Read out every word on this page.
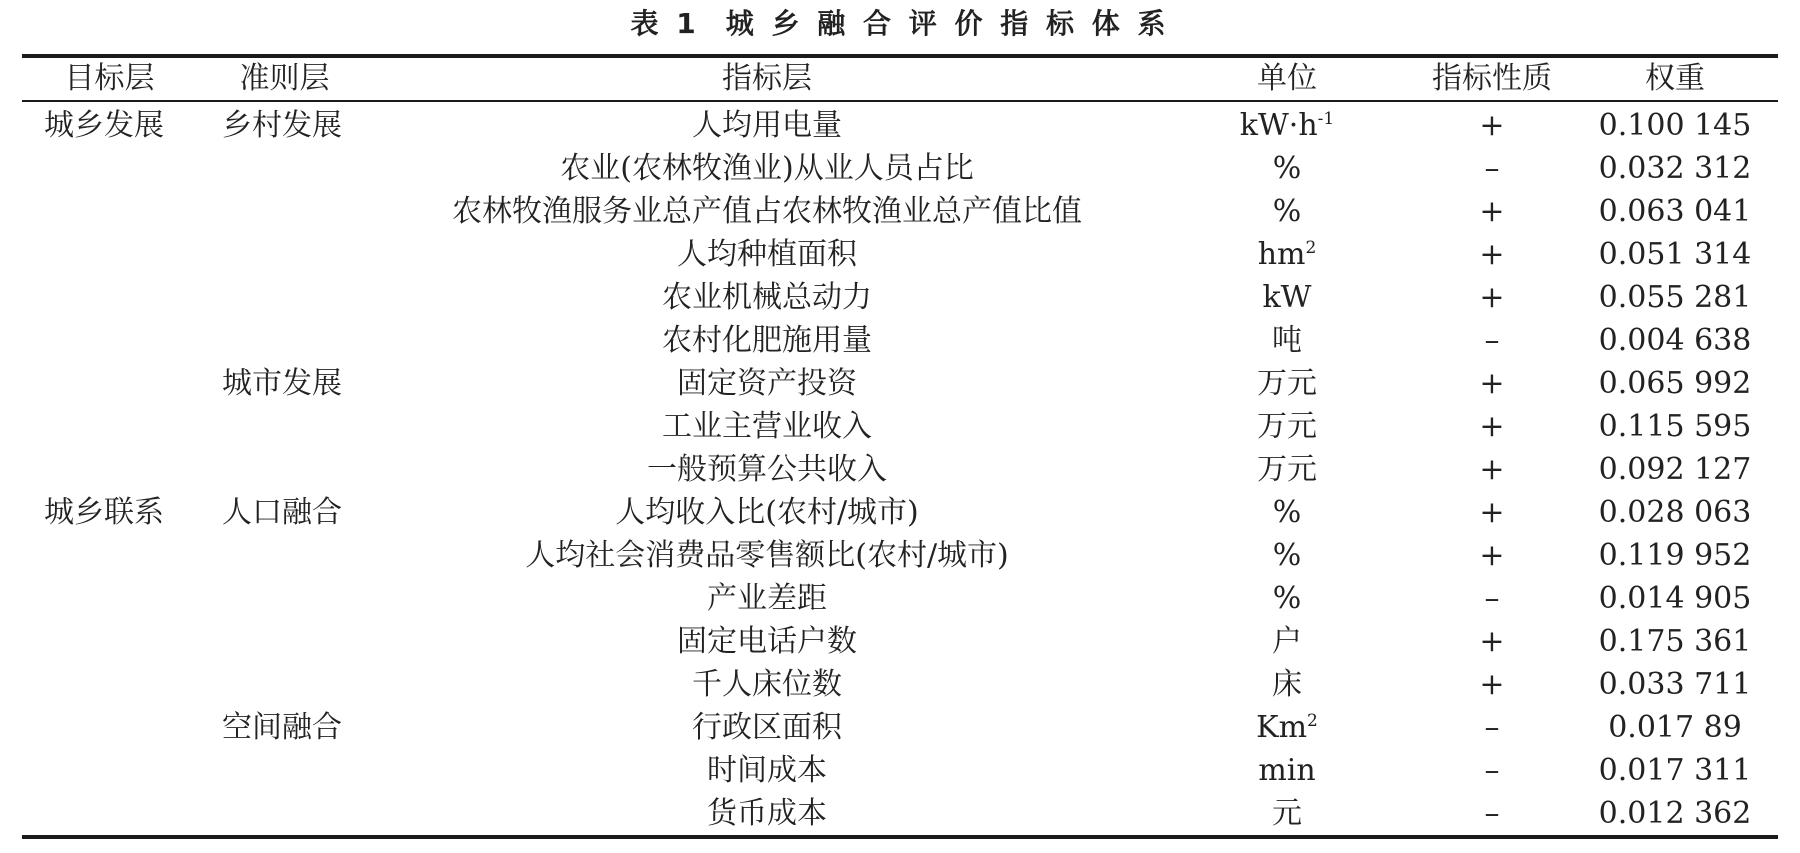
表 1 城 乡 融 合 评 价 指 标 体 系
目标层	准则层	指标层	单位	指标性质	权重
城乡发展	乡村发展	人均用电量	$kW\cdot h^{-1}$	+	0.100 145
		农业(农林牧渔业)从业人员占比	%	–	0.032 312
		农林牧渔服务业总产值占农林牧渔业总产值比值	%	+	0.063 041
		人均种植面积	$hm^2$	+	0.051 314
		农业机械总动力	kW	+	0.055 281
		农村化肥施用量	吨	–	0.004 638
	城市发展	固定资产投资	万元	+	0.065 992
		工业主营业收入	万元	+	0.115 595
		一般预算公共收入	万元	+	0.092 127
城乡联系	人口融合	人均收入比(农村/城市)	%	+	0.028 063
		人均社会消费品零售额比(农村/城市)	%	+	0.119 952
		产业差距	%	–	0.014 905
		固定电话户数	户	+	0.175 361
		千人床位数	床	+	0.033 711
	空间融合	行政区面积	Km$^2$	–	0.017 89
		时间成本	min	–	0.017 311
		货币成本	元	–	0.012 362
